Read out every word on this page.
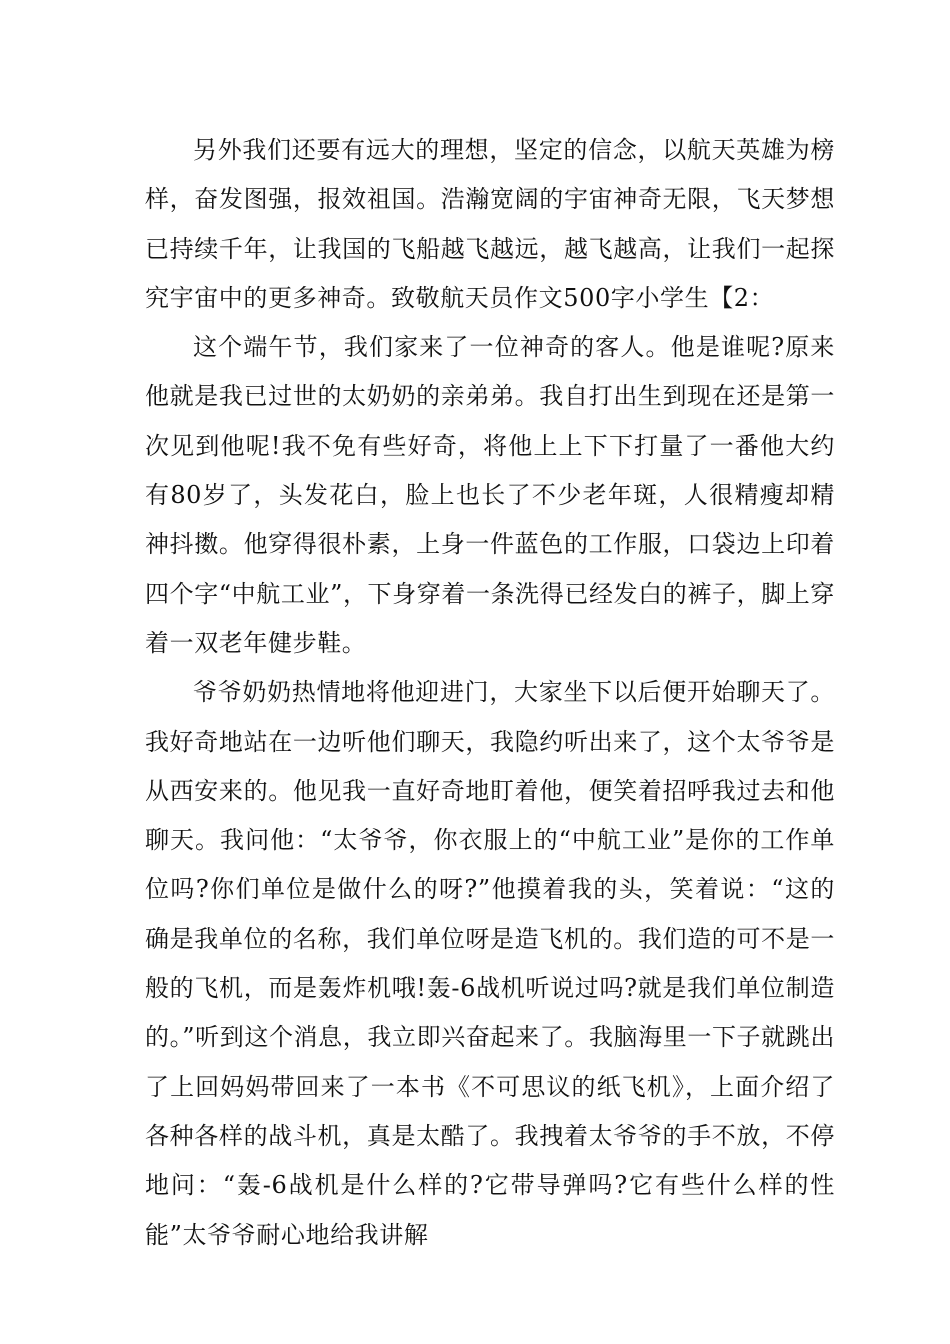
另外我们还要有远大的理想，坚定的信念，以航天英雄为榜样，奋发图强，报效祖国。浩瀚宽阔的宇宙神奇无限，飞天梦想已持续千年，让我国的飞船越飞越远，越飞越高，让我们一起探究宇宙中的更多神奇。致敬航天员作文500字小学生【2：

这个端午节，我们家来了一位神奇的客人。他是谁呢?原来他就是我已过世的太奶奶的亲弟弟。我自打出生到现在还是第一次见到他呢!我不免有些好奇，将他上上下下打量了一番他大约有80岁了，头发花白，脸上也长了不少老年斑，人很精瘦却精神抖擞。他穿得很朴素，上身一件蓝色的工作服，口袋边上印着四个字“中航工业”，下身穿着一条洗得已经发白的裤子，脚上穿着一双老年健步鞋。

爷爷奶奶热情地将他迎进门，大家坐下以后便开始聊天了。我好奇地站在一边听他们聊天，我隐约听出来了，这个太爷爷是从西安来的。他见我一直好奇地盯着他，便笑着招呼我过去和他聊天。我问他：“太爷爷，你衣服上的“中航工业”是你的工作单位吗?你们单位是做什么的呀?”他摸着我的头，笑着说：“这的确是我单位的名称，我们单位呀是造飞机的。我们造的可不是一般的飞机，而是轰炸机哦!轰-6战机听说过吗?就是我们单位制造的。”听到这个消息，我立即兴奋起来了。我脑海里一下子就跳出了上回妈妈带回来了一本书《不可思议的纸飞机》，上面介绍了各种各样的战斗机，真是太酷了。我拽着太爷爷的手不放，不停地问：“轰-6战机是什么样的?它带导弹吗?它有些什么样的性能”太爷爷耐心地给我讲解
